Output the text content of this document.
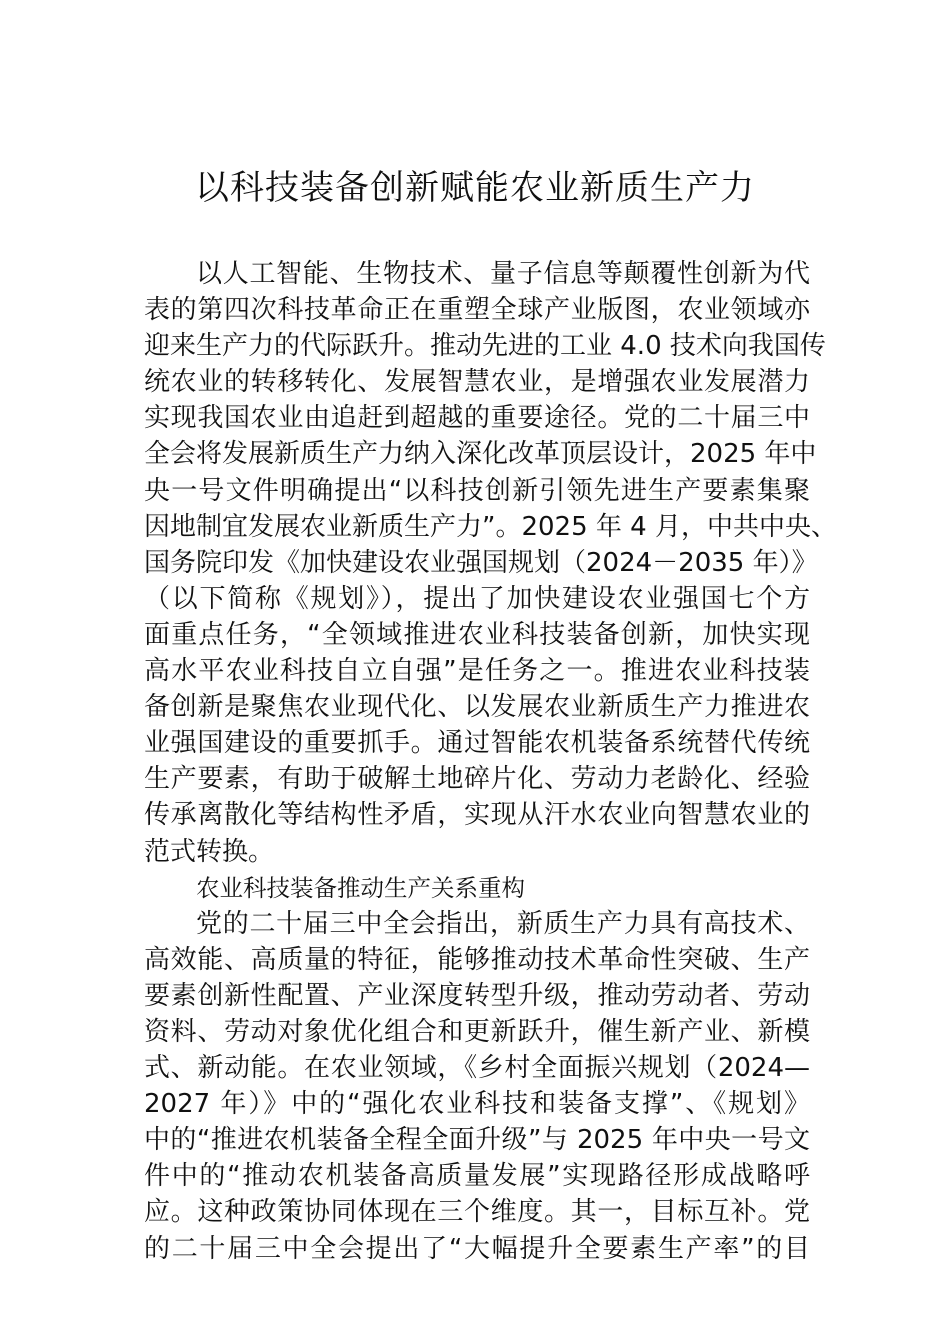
以科技装备创新赋能农业新质生产力
以人工智能、生物技术、量子信息等颠覆性创新为代
表的第四次科技革命正在重塑全球产业版图，农业领域亦
迎来生产力的代际跃升。推动先进的工业 4.0 技术向我国传
统农业的转移转化、发展智慧农业，是增强农业发展潜力
实现我国农业由追赶到超越的重要途径。党的二十届三中
全会将发展新质生产力纳入深化改革顶层设计，2025 年中
央一号文件明确提出“以科技创新引领先进生产要素集聚
因地制宜发展农业新质生产力”。2025 年 4 月，中共中央、
国务院印发《加快建设农业强国规划（2024－2035 年）》
（以下简称《规划》），提出了加快建设农业强国七个方
面重点任务，“全领域推进农业科技装备创新，加快实现
高水平农业科技自立自强”是任务之一。推进农业科技装
备创新是聚焦农业现代化、以发展农业新质生产力推进农
业强国建设的重要抓手。通过智能农机装备系统替代传统
生产要素，有助于破解土地碎片化、劳动力老龄化、经验
传承离散化等结构性矛盾，实现从汗水农业向智慧农业的
范式转换。
农业科技装备推动生产关系重构
党的二十届三中全会指出，新质生产力具有高技术、
高效能、高质量的特征，能够推动技术革命性突破、生产
要素创新性配置、产业深度转型升级，推动劳动者、劳动
资料、劳动对象优化组合和更新跃升，催生新产业、新模
式、新动能。在农业领域，《乡村全面振兴规划（2024—
2027 年）》中的“强化农业科技和装备支撑”、《规划》
中的“推进农机装备全程全面升级”与 2025 年中央一号文
件中的“推动农机装备高质量发展”实现路径形成战略呼
应。这种政策协同体现在三个维度。其一，目标互补。党
的二十届三中全会提出了“大幅提升全要素生产率”的目
